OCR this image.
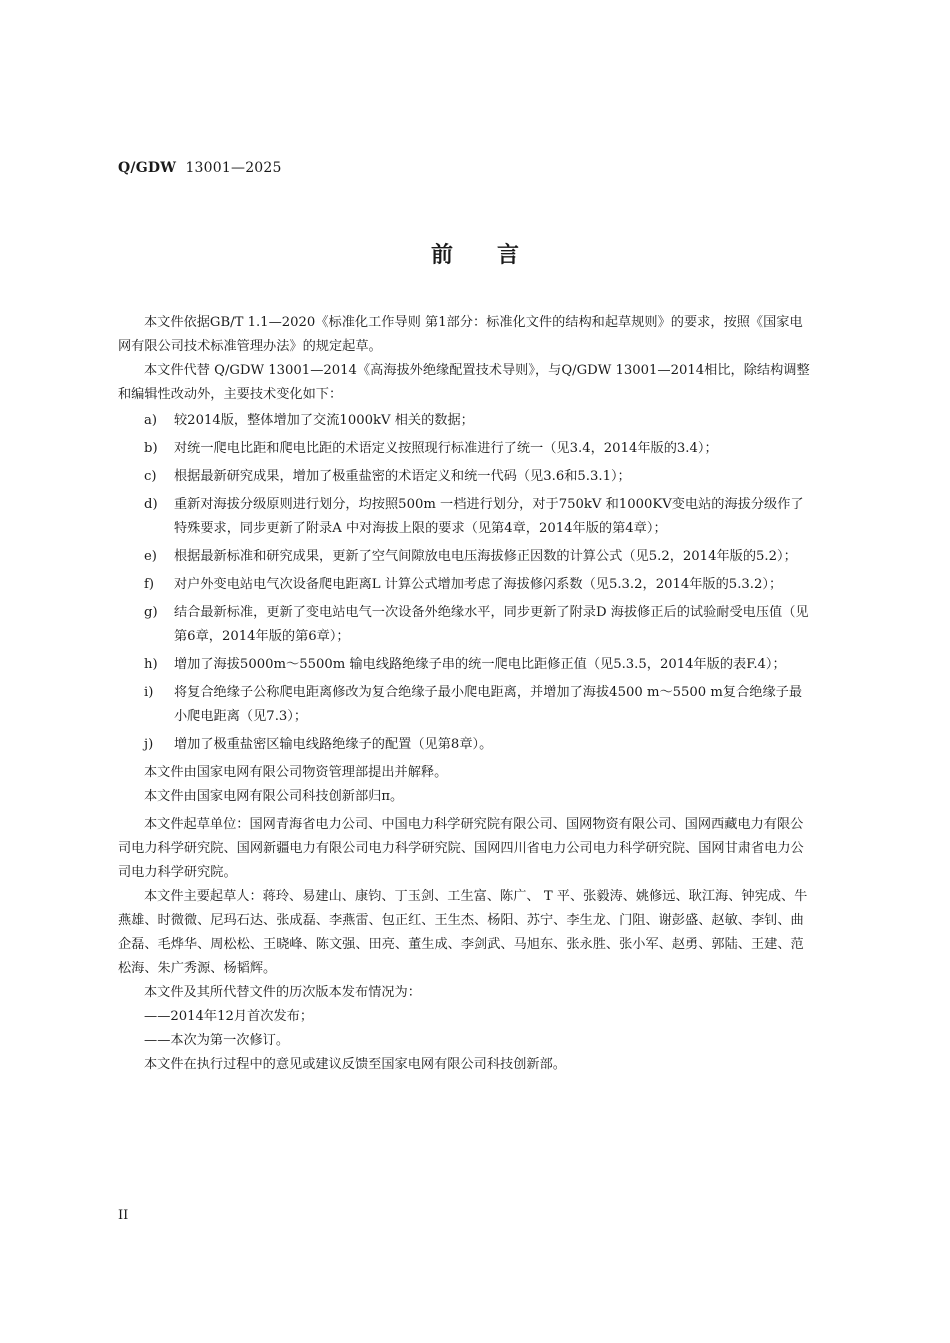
Q/GDW 13001—2025
前言

本文件依据GB/T 1.1—2020《标准化工作导则 第1部分：标准化文件的结构和起草规则》的要求，按照《国家电网有限公司技术标准管理办法》的规定起草。

本文件代替 Q/GDW 13001—2014《高海拔外绝缘配置技术导则》，与Q/GDW 13001—2014相比，除结构调整和编辑性改动外，主要技术变化如下：

a)	较2014版，整体增加了交流1000kV 相关的数据；
b)	对统一爬电比距和爬电比距的术语定义按照现行标准进行了统一（见3.4，2014年版的3.4）；
c)	根据最新研究成果，增加了极重盐密的术语定义和统一代码（见3.6和5.3.1）；
d)	重新对海拔分级原则进行划分，均按照500m 一档进行划分，对于750kV 和1000KV变电站的海拔分级作了特殊要求，同步更新了附录A 中对海拔上限的要求（见第4章，2014年版的第4章）；
e)	根据最新标准和研究成果，更新了空气间隙放电电压海拔修正因数的计算公式（见5.2，2014年版的5.2）；
f)	对户外变电站电气次设备爬电距离L 计算公式增加考虑了海拔修闪系数（见5.3.2，2014年版的5.3.2）；
g)	结合最新标准，更新了变电站电气一次设备外绝缘水平，同步更新了附录D 海拔修正后的试验耐受电压值（见第6章，2014年版的第6章）；
h)	增加了海拔5000m～5500m 输电线路绝缘子串的统一爬电比距修正值（见5.3.5，2014年版的表F.4）；
i)	将复合绝缘子公称爬电距离修改为复合绝缘子最小爬电距离，并增加了海拔4500 m～5500 m复合绝缘子最小爬电距离（见7.3）；
j)	增加了极重盐密区输电线路绝缘子的配置（见第8章）。

本文件由国家电网有限公司物资管理部提出并解释。

本文件由国家电网有限公司科技创新部归π。

本文件起草单位：国网青海省电力公司、中国电力科学研究院有限公司、国网物资有限公司、国网西藏电力有限公司电力科学研究院、国网新疆电力有限公司电力科学研究院、国网四川省电力公司电力科学研究院、国网甘肃省电力公司电力科学研究院。

本文件主要起草人：蒋玲、易建山、康钧、丁玉剑、工生富、陈广、 T 平、张毅涛、姚修远、耿江海、钟宪成、牛燕雄、时微微、尼玛石达、张成磊、李燕雷、包正红、王生杰、杨阳、苏宁、李生龙、门阻、谢彭盛、赵敏、李钊、曲企磊、毛烨华、周松松、王晓峰、陈文强、田亮、董生成、李剑武、马旭东、张永胜、张小军、赵勇、郭陆、王建、范松海、朱广秀源、杨韬辉。

本文件及其所代替文件的历次版本发布情况为：

——2014年12月首次发布；

——本次为第一次修订。

本文件在执行过程中的意见或建议反馈至国家电网有限公司科技创新部。

II
